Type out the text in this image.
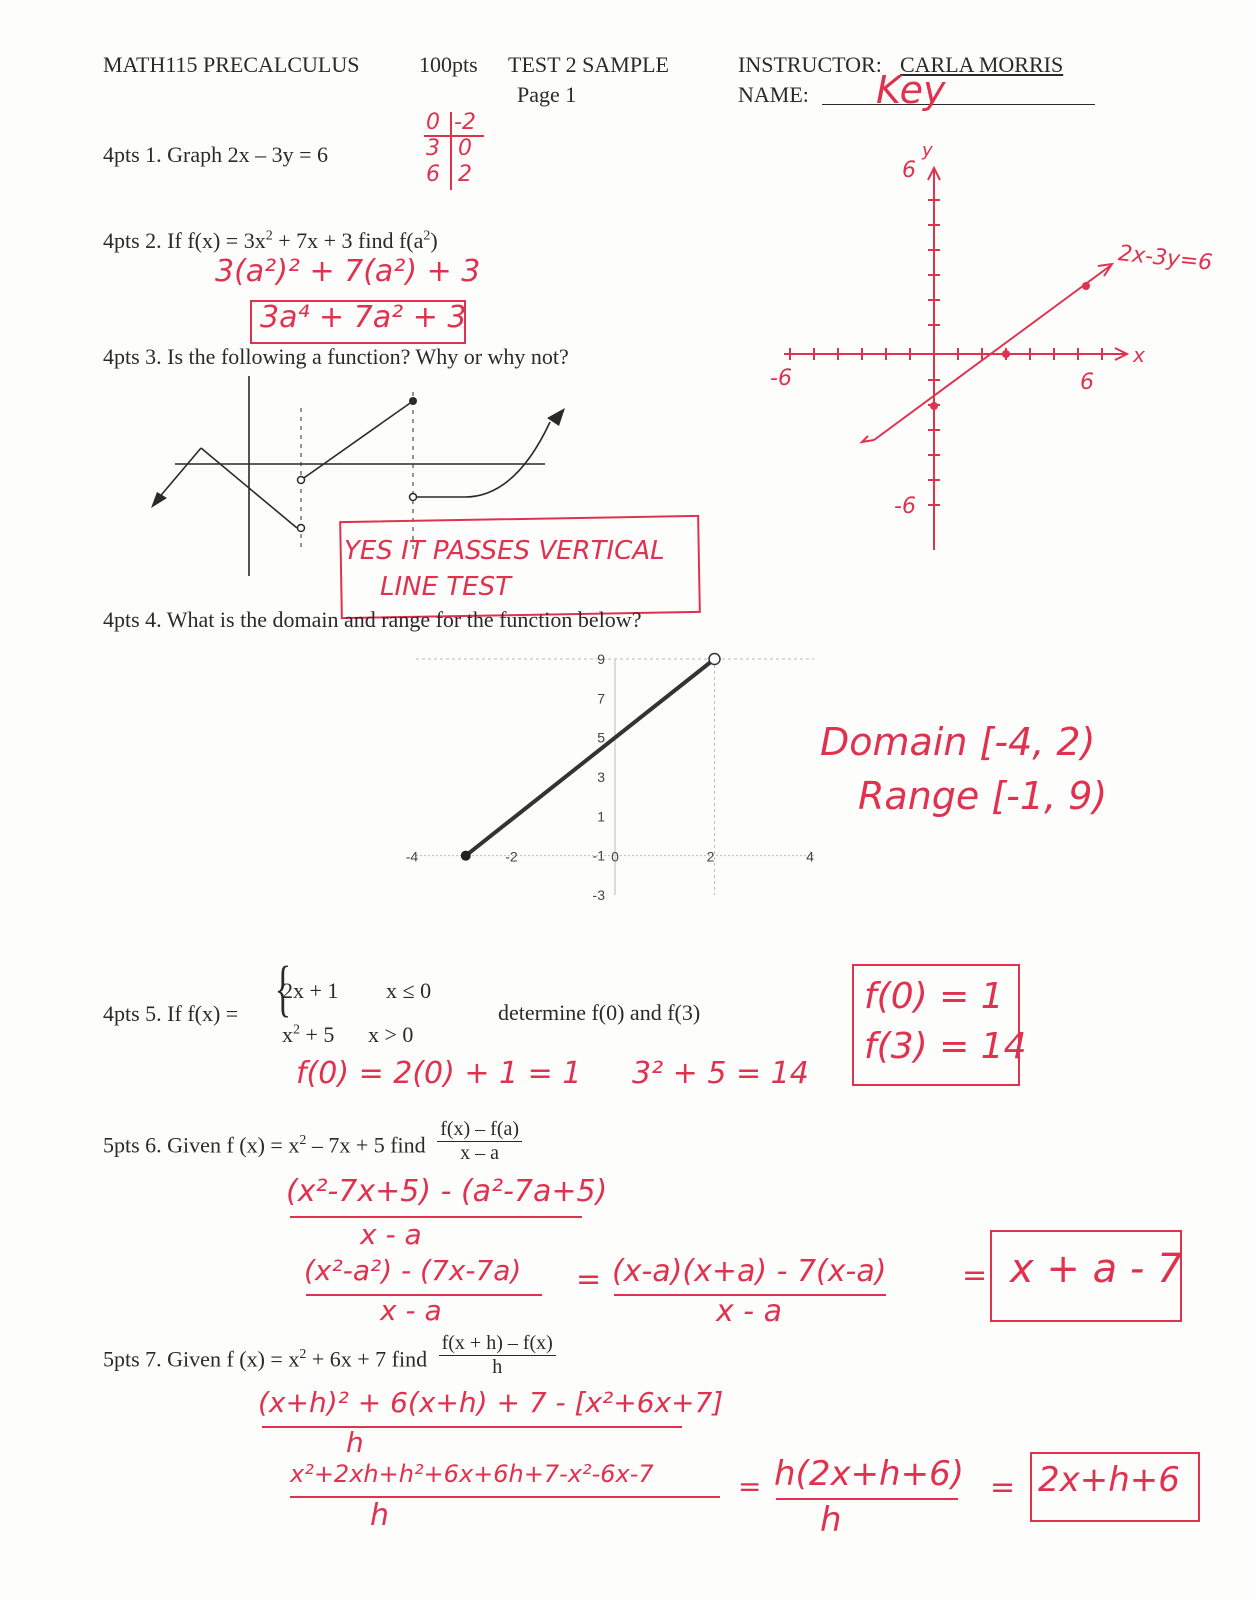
MATH115 PRECALCULUS	100pts TEST 2 SAMPLE
Page 1
INSTRUCTOR: CARLA MORRIS
NAME: Key
4pts 1. Graph 2x – 3y = 6
0 -2
3 0
6 2	6
y
x
-6	6
-6
2x-3y=6
4pts 2. If $f(x) = 3x^2 + 7x + 3$ find $f(a^2)$
3(a²)² + 7(a²) + 3
3a⁴ + 7a² + 3
4pts 3. Is the following a function? Why or why not?
YES IT PASSES VERTICAL
LINE TEST
4pts 4. What is the domain and range for the function below?
-4	-2	0	2	4
9
7
5
3
1
-1
-3
Domain [-4, 2)
Range [-1, 9)
4pts 5. If f(x) = {
2x + 1 x ≤ 0
$x^2 + 5$ x > 0
determine f(0) and f(3)
f(0) = 2(0) + 1 = 1 3² + 5 = 14
f(0) = 1
f(3) = 14
5pts 6. Given f $(x) = x^2 - 7x + 5$ find $\frac{f(x) - f(a)}{x - a}$
(x²-7x+5) - (a²-7a+5)
x - a
(x²-a²) - (7x-7a)
x - a
= (x-a)(x+a) - 7(x-a)
x - a
= x + a - 7
5pts 7. Given f $(x) = x^2 + 6x + 7$ find $\frac{f(x + h) - f(x)}{h}$
(x+h)² + 6(x+h) + 7 - [x²+6x+7]
h
x²+2xh+h²+6x+6h+7-x²-6x-7
h
= h(2x+h+6)
h
= 2x+h+6
